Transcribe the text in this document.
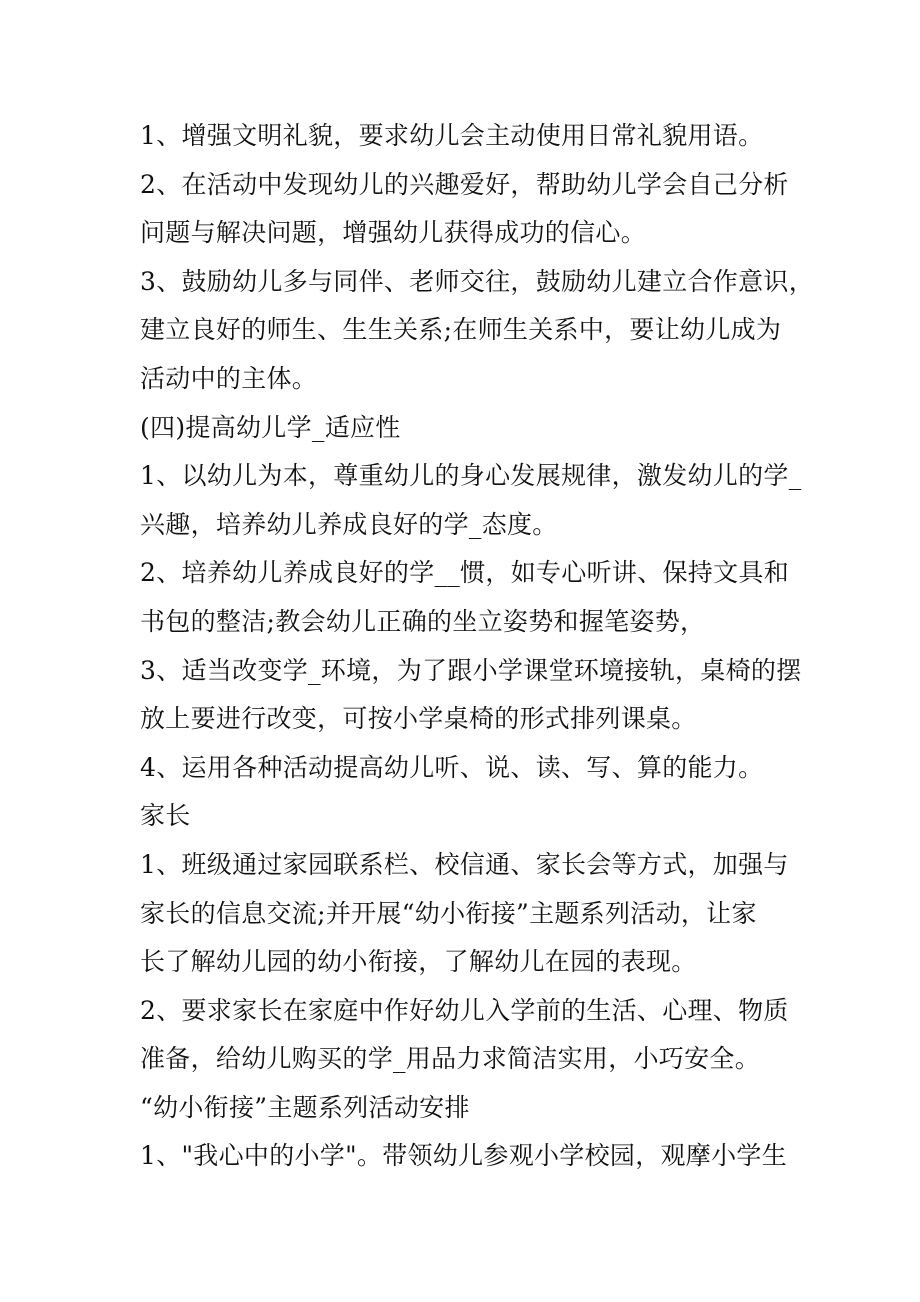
1、增强文明礼貌，要求幼儿会主动使用日常礼貌用语。
2、在活动中发现幼儿的兴趣爱好，帮助幼儿学会自己分析
问题与解决问题，增强幼儿获得成功的信心。
3、鼓励幼儿多与同伴、老师交往，鼓励幼儿建立合作意识，
建立良好的师生、生生关系;在师生关系中，要让幼儿成为
活动中的主体。
(四)提高幼儿学_适应性
1、以幼儿为本，尊重幼儿的身心发展规律，激发幼儿的学_
兴趣，培养幼儿养成良好的学_态度。
2、培养幼儿养成良好的学__惯，如专心听讲、保持文具和
书包的整洁;教会幼儿正确的坐立姿势和握笔姿势，
3、适当改变学_环境，为了跟小学课堂环境接轨，桌椅的摆
放上要进行改变，可按小学桌椅的形式排列课桌。
4、运用各种活动提高幼儿听、说、读、写、算的能力。
家长
1、班级通过家园联系栏、校信通、家长会等方式，加强与
家长的信息交流;并开展“幼小衔接”主题系列活动，让家
长了解幼儿园的幼小衔接，了解幼儿在园的表现。
2、要求家长在家庭中作好幼儿入学前的生活、心理、物质
准备，给幼儿购买的学_用品力求简洁实用，小巧安全。
“幼小衔接”主题系列活动安排
1、"我心中的小学"。带领幼儿参观小学校园，观摩小学生
